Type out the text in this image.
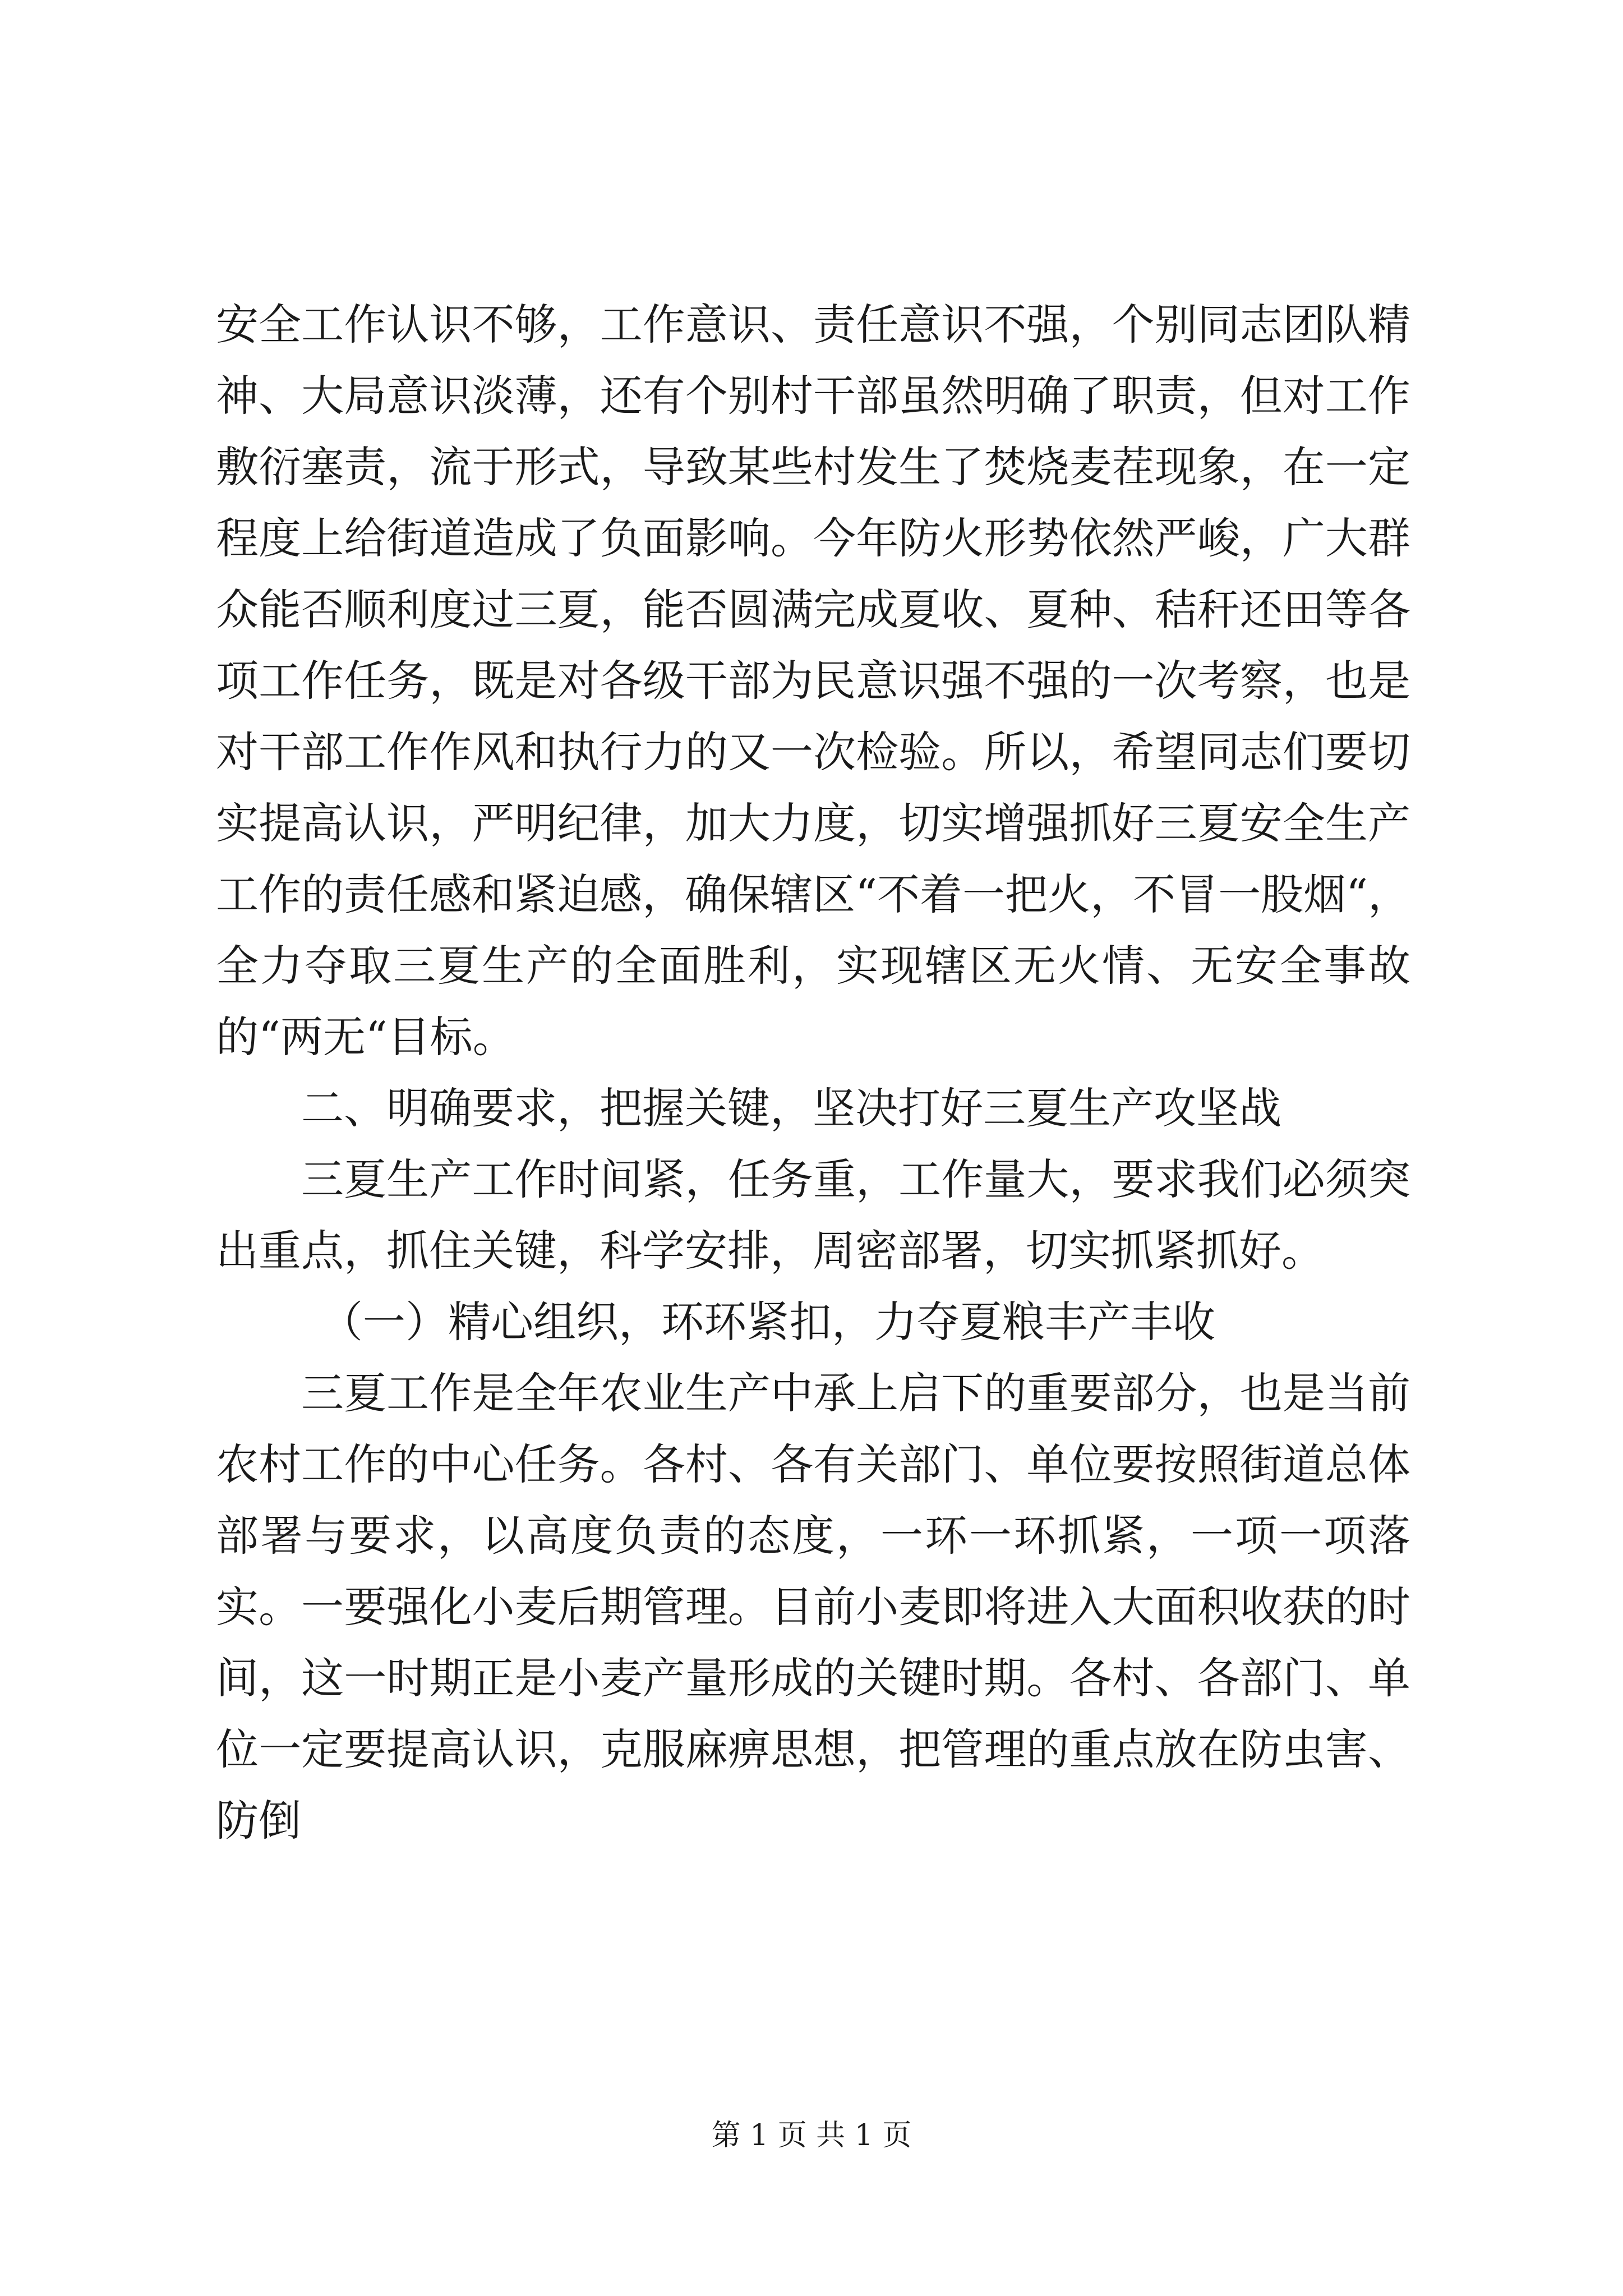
安全工作认识不够，工作意识、责任意识不强，个别同志团队精神、大局意识淡薄，还有个别村干部虽然明确了职责，但对工作敷衍塞责，流于形式，导致某些村发生了焚烧麦茬现象，在一定程度上给街道造成了负面影响。今年防火形势依然严峻，广大群众能否顺利度过三夏，能否圆满完成夏收、夏种、秸秆还田等各项工作任务，既是对各级干部为民意识强不强的一次考察，也是对干部工作作风和执行力的又一次检验。所以，希望同志们要切实提高认识，严明纪律，加大力度，切实增强抓好三夏安全生产工作的责任感和紧迫感，确保辖区“不着一把火，不冒一股烟“，全力夺取三夏生产的全面胜利，实现辖区无火情、无安全事故的“两无“目标。

二、明确要求，把握关键，坚决打好三夏生产攻坚战

三夏生产工作时间紧，任务重，工作量大，要求我们必须突出重点，抓住关键，科学安排，周密部署，切实抓紧抓好。

（一）精心组织，环环紧扣，力夺夏粮丰产丰收

三夏工作是全年农业生产中承上启下的重要部分，也是当前农村工作的中心任务。各村、各有关部门、单位要按照街道总体部署与要求，以高度负责的态度，一环一环抓紧，一项一项落实。一要强化小麦后期管理。目前小麦即将进入大面积收获的时间，这一时期正是小麦产量形成的关键时期。各村、各部门、单位一定要提高认识，克服麻痹思想，把管理的重点放在防虫害、防倒

第 1 页 共 1 页
